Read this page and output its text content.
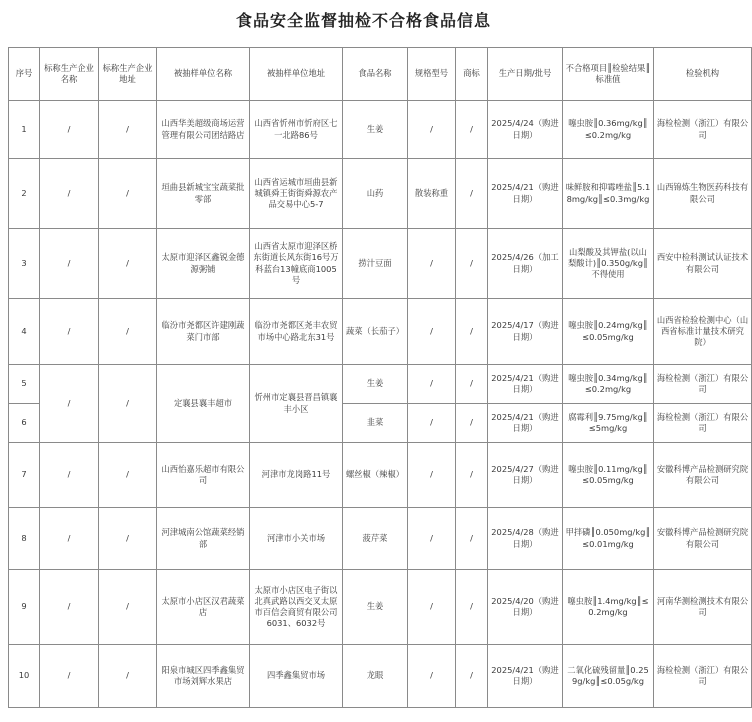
食品安全监督抽检不合格食品信息
序号	标称生产企业名称	标称生产企业地址	被抽样单位名称	被抽样单位地址	食品名称	规格型号	商标	生产日期/批号	不合格项目║检验结果║标准值	检验机构
1	/	/	山西华美超级商场运营管理有限公司团结路店	山西省忻州市忻府区七一北路86号	生姜	/	/	2025/4/24（购进日期）	噻虫胺║0.36mg/kg║≤0.2mg/kg	海检检测（浙江）有限公司
2	/	/	垣曲县新城宝宝蔬菜批零部	山西省运城市垣曲县新城镇舜王街街舜源农产品交易中心5-7	山药	散装称重	/	2025/4/21（购进日期）	味鲜胺和抑霉唑盐║5.18mg/kg║≤0.3mg/kg	山西锦炼生物医药科技有限公司
3	/	/	太原市迎泽区鑫锐金德源粥铺	山西省太原市迎泽区桥东街道长风东街16号万科蓝台13幢底商1005号	捞汁豆面	/	/	2025/4/26（加工日期）	山梨酸及其钾盐(以山梨酸计)║0.350g/kg║不得使用	西安中检科测试认证技术有限公司
4	/	/	临汾市尧都区许建刚蔬菜门市部	临汾市尧都区尧丰农贸市场中心路北东31号	蔬菜（长茄子）	/	/	2025/4/17（购进日期）	噻虫胺║0.24mg/kg║≤0.05mg/kg	山西省检验检测中心（山西省标准计量技术研究院）
5	/	/	定襄县襄丰超市	忻州市定襄县晋昌镇襄丰小区	生姜	/	/	2025/4/21（购进日期）	噻虫胺║0.34mg/kg║≤0.2mg/kg	海检检测（浙江）有限公司
6					韭菜	/	/	2025/4/21（购进日期）	腐霉利║9.75mg/kg║≤5mg/kg	海检检测（浙江）有限公司
7	/	/	山西怡嘉乐超市有限公司	河津市龙岗路11号	螺丝椒（辣椒）	/	/	2025/4/27（购进日期）	噻虫胺║0.11mg/kg║≤0.05mg/kg	安徽科博产品检测研究院有限公司
8	/	/	河津城南公馆蔬菜经销部	河津市小关市场	菠芹菜	/	/	2025/4/28（购进日期）	甲拌磷║0.050mg/kg║≤0.01mg/kg	安徽科博产品检测研究院有限公司
9	/	/	太原市小店区汉君蔬菜店	太原市小店区电子街以北真武路以西交叉太原市百信会商贸有限公司6031、6032号	生姜	/	/	2025/4/20（购进日期）	噻虫胺║1.4mg/kg║≤0.2mg/kg	河南华测检测技术有限公司
10	/	/	阳泉市城区四季鑫集贸市场刘辉水果店	四季鑫集贸市场	龙眼	/	/	2025/4/21（购进日期）	二氧化硫残留量║0.259g/kg║≤0.05g/kg	海检检测（浙江）有限公司
